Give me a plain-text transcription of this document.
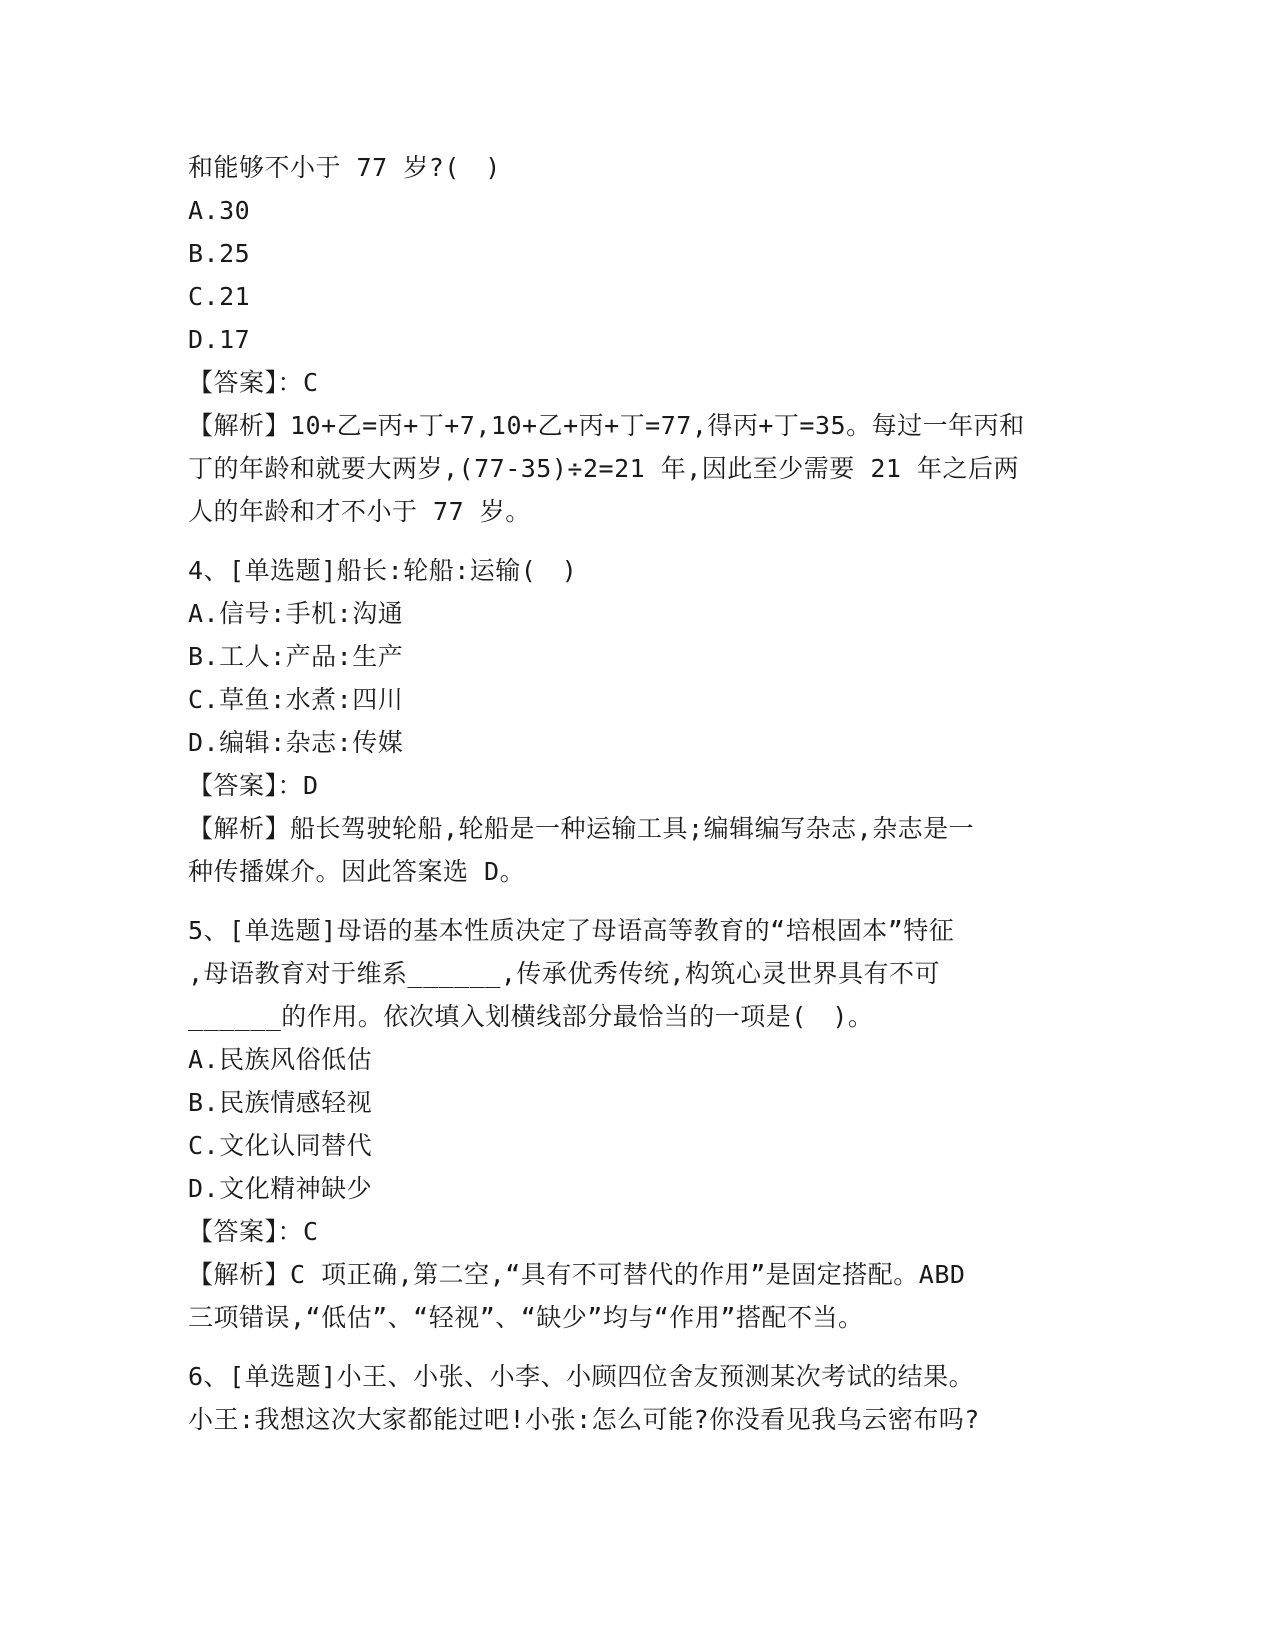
和能够不小于 77 岁?(　)
A.30
B.25
C.21
D.17
【答案】：C
【解析】10+乙=丙+丁+7,10+乙+丙+丁=77,得丙+丁=35。每过一年丙和
丁的年龄和就要大两岁,(77-35)÷2=21 年,因此至少需要 21 年之后两
人的年龄和才不小于 77 岁。
4、[单选题]船长:轮船:运输(　)
A.信号:手机:沟通
B.工人:产品:生产
C.草鱼:水煮:四川
D.编辑:杂志:传媒
【答案】：D
【解析】船长驾驶轮船,轮船是一种运输工具;编辑编写杂志,杂志是一
种传播媒介。因此答案选 D。
5、[单选题]母语的基本性质决定了母语高等教育的“培根固本”特征
,母语教育对于维系______,传承优秀传统,构筑心灵世界具有不可
______的作用。依次填入划横线部分最恰当的一项是(　)。
A.民族风俗低估
B.民族情感轻视
C.文化认同替代
D.文化精神缺少
【答案】：C
【解析】C 项正确,第二空,“具有不可替代的作用”是固定搭配。ABD
三项错误,“低估”、“轻视”、“缺少”均与“作用”搭配不当。
6、[单选题]小王、小张、小李、小顾四位舍友预测某次考试的结果。
小王:我想这次大家都能过吧!小张:怎么可能?你没看见我乌云密布吗?
